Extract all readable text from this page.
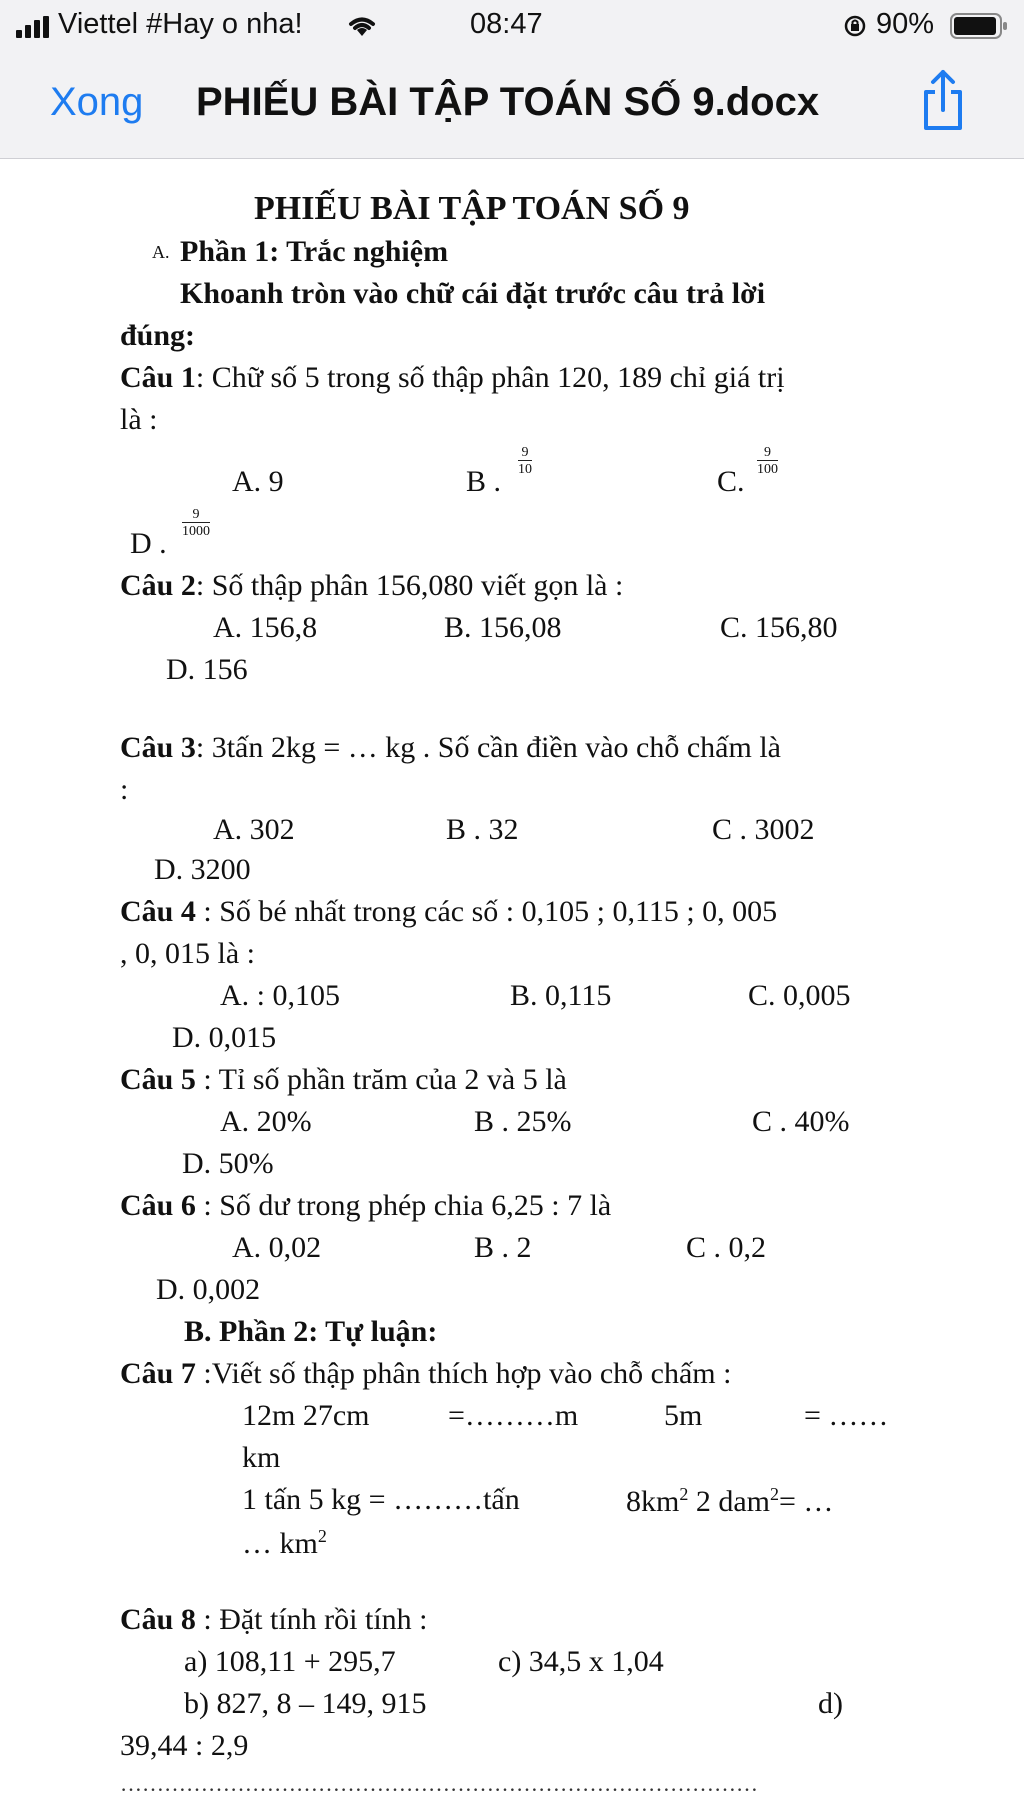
Viettel #Hay o nha!	08:47	90%
Xong PHIẾU BÀI TẬP TOÁN SỐ 9.docx
PHIẾU BÀI TẬP TOÁN SỐ 9
A. Phần 1: Trắc nghiệm
Khoanh tròn vào chữ cái đặt trước câu trả lời
đúng:
Câu 1: Chữ số 5 trong số thập phân 120, 189 chỉ giá trị
là :
A. 9	B .
$\frac{9}{10}$
C.
$\frac{9}{100}$
D .
$\frac{9}{1000}$
Câu 2: Số thập phân 156,080 viết gọn là :
A. 156,8	B. 156,08	C. 156,80
D. 156
Câu 3: 3tấn 2kg = … kg . Số cần điền vào chỗ chấm là
:
A. 302	B . 32	C . 3002
D. 3200
Câu 4 : Số bé nhất trong các số : 0,105 ; 0,115 ; 0, 005
, 0, 015 là :
A. : 0,105	B. 0,115	C. 0,005
D. 0,015
Câu 5 : Tỉ số phần trăm của 2 và 5 là
A. 20%	B . 25%	C . 40%
D. 50%
Câu 6 : Số dư trong phép chia 6,25 : 7 là
A. 0,02	B . 2	C . 0,2
D. 0,002
B. Phần 2: Tự luận:
Câu 7 :Viết số thập phân thích hợp vào chỗ chấm :
12m 27cm	=………m	5m	= ……
km
1 tấn 5 kg = ………tấn	$8km^2$ 2 dam$^2$= …
… $km^2$
Câu 8 : Đặt tính rồi tính :
a) 108,11 + 295,7	c) 34,5 x 1,04
b) 827, 8 – 149, 915	d)
39,44 : 2,9
……………………………………………………………………………
